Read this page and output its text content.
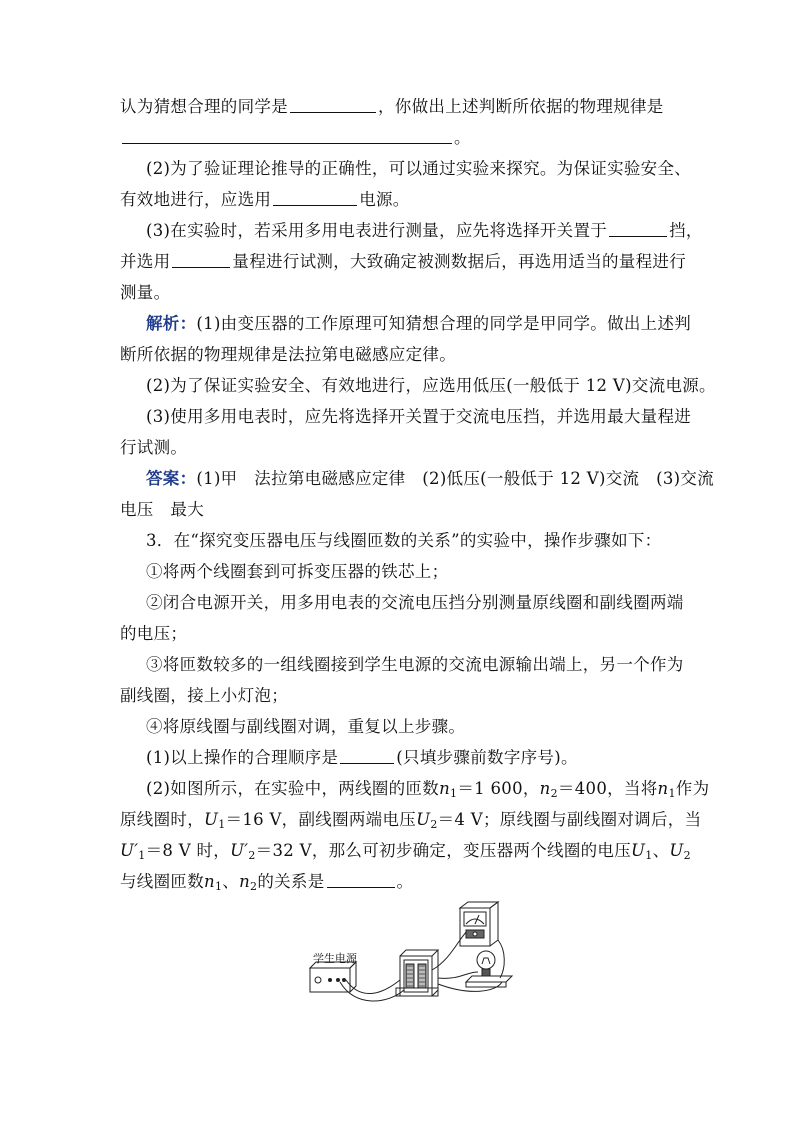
认为猜想合理的同学是	，你做出上述判断所依据的物理规律是
。
(2)为了验证理论推导的正确性，可以通过实验来探究。为保证实验安全、
有效地进行，应选用	电源。
(3)在实验时，若采用多用电表进行测量，应先将选择开关置于	挡，
并选用	量程进行试测，大致确定被测数据后，再选用适当的量程进行
测量。
解析：(1)由变压器的工作原理可知猜想合理的同学是甲同学。做出上述判
断所依据的物理规律是法拉第电磁感应定律。
(2)为了保证实验安全、有效地进行，应选用低压(一般低于 12 V)交流电源。
(3)使用多用电表时，应先将选择开关置于交流电压挡，并选用最大量程进
行试测。
答案：(1)甲　法拉第电磁感应定律　(2)低压(一般低于 12 V)交流　(3)交流
电压　最大
3．在“探究变压器电压与线圈匝数的关系”的实验中，操作步骤如下：
①将两个线圈套到可拆变压器的铁芯上；
②闭合电源开关，用多用电表的交流电压挡分别测量原线圈和副线圈两端
的电压；
③将匝数较多的一组线圈接到学生电源的交流电源输出端上，另一个作为
副线圈，接上小灯泡；
④将原线圈与副线圈对调，重复以上步骤。
(1)以上操作的合理顺序是	(只填步骤前数字序号)。
(2)如图所示，在实验中，两线圈的匝数$n_1=1$ 600，$n_2=400$，当将$n_1$作为
原线圈时，$U_1=16$ V，副线圈两端电压$U_2=4$ V；原线圈与副线圈对调后，当
$U'_1=8$ V 时，$U'_2=32$ V，那么可初步确定，变压器两个线圈的电压$U_1$、$U_2$
与线圈匝数$n_1$、$n_2$的关系是	。
学生电源
